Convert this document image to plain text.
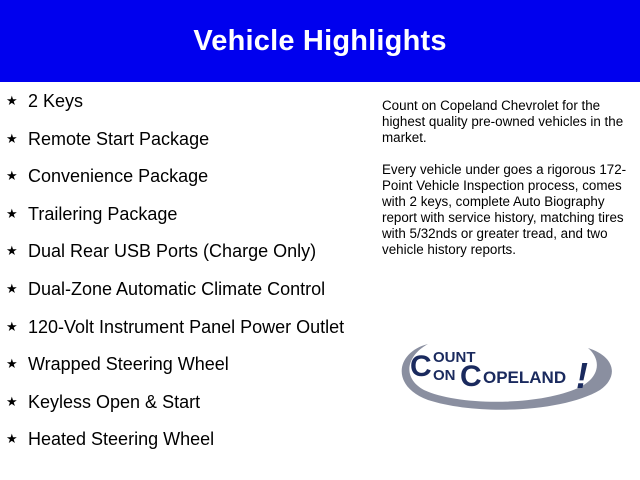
Vehicle Highlights
★ 2 Keys
★ Remote Start Package
★ Convenience Package
★ Trailering Package
★ Dual Rear USB Ports (Charge Only)
★ Dual-Zone Automatic Climate Control
★ 120-Volt Instrument Panel Power Outlet
★ Wrapped Steering Wheel
★ Keyless Open & Start
★ Heated Steering Wheel

Count on Copeland Chevrolet for the highest quality pre-owned vehicles in the market.

Every vehicle under goes a rigorous 172-Point Vehicle Inspection process, comes with 2 keys, complete Auto Biography report with service history, matching tires with 5/32nds or greater tread, and two vehicle history reports.

C OUNT
ON C OPELAND !
